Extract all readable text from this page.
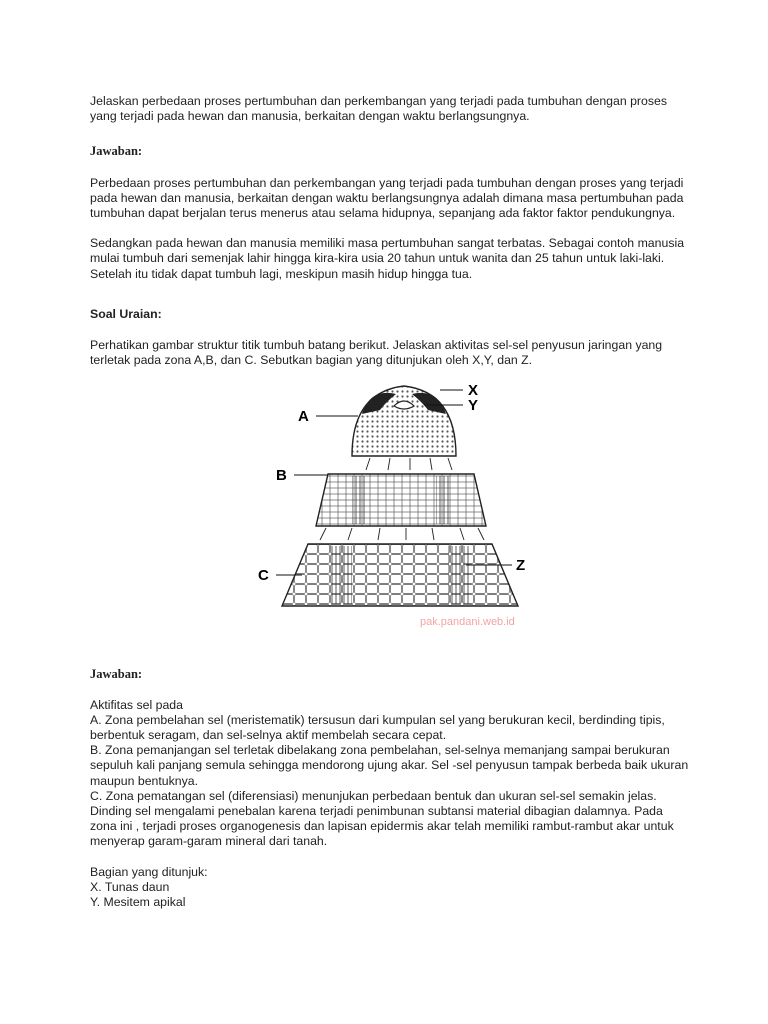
Jelaskan perbedaan proses pertumbuhan dan perkembangan yang terjadi pada tumbuhan dengan proses yang terjadi pada hewan dan manusia, berkaitan dengan waktu berlangsungnya.

Jawaban:

Perbedaan proses pertumbuhan dan perkembangan yang terjadi pada tumbuhan dengan proses yang terjadi pada hewan dan manusia, berkaitan dengan waktu berlangsungnya adalah dimana masa pertumbuhan pada tumbuhan dapat berjalan terus menerus atau selama hidupnya, sepanjang ada faktor faktor pendukungnya.

Sedangkan pada hewan dan manusia memiliki masa pertumbuhan sangat terbatas. Sebagai contoh manusia mulai tumbuh dari semenjak lahir hingga kira-kira usia 20 tahun untuk wanita dan 25 tahun untuk laki-laki. Setelah itu tidak dapat tumbuh lagi, meskipun masih hidup hingga tua.

Soal Uraian:

Perhatikan gambar struktur titik tumbuh batang berikut. Jelaskan aktivitas sel-sel penyusun jaringan yang terletak pada zona A,B, dan C. Sebutkan bagian yang ditunjukan oleh X,Y, dan Z.

A
B
C
X
Y
Z
pak.pandani.web.id

Jawaban:

Aktifitas sel pada

A. Zona pembelahan sel (meristematik) tersusun dari kumpulan sel yang berukuran kecil, berdinding tipis, berbentuk seragam, dan sel-selnya aktif membelah secara cepat.

B. Zona pemanjangan sel terletak dibelakang zona pembelahan, sel-selnya memanjang sampai berukuran sepuluh kali panjang semula sehingga mendorong ujung akar. Sel -sel penyusun tampak berbeda baik ukuran maupun bentuknya.

C. Zona pematangan sel (diferensiasi) menunjukan perbedaan bentuk dan ukuran sel-sel semakin jelas. Dinding sel mengalami penebalan karena terjadi penimbunan subtansi material dibagian dalamnya. Pada zona ini , terjadi proses organogenesis dan lapisan epidermis akar telah memiliki rambut-rambut akar untuk menyerap garam-garam mineral dari tanah.

Bagian yang ditunjuk:

X. Tunas daun

Y. Mesitem apikal
